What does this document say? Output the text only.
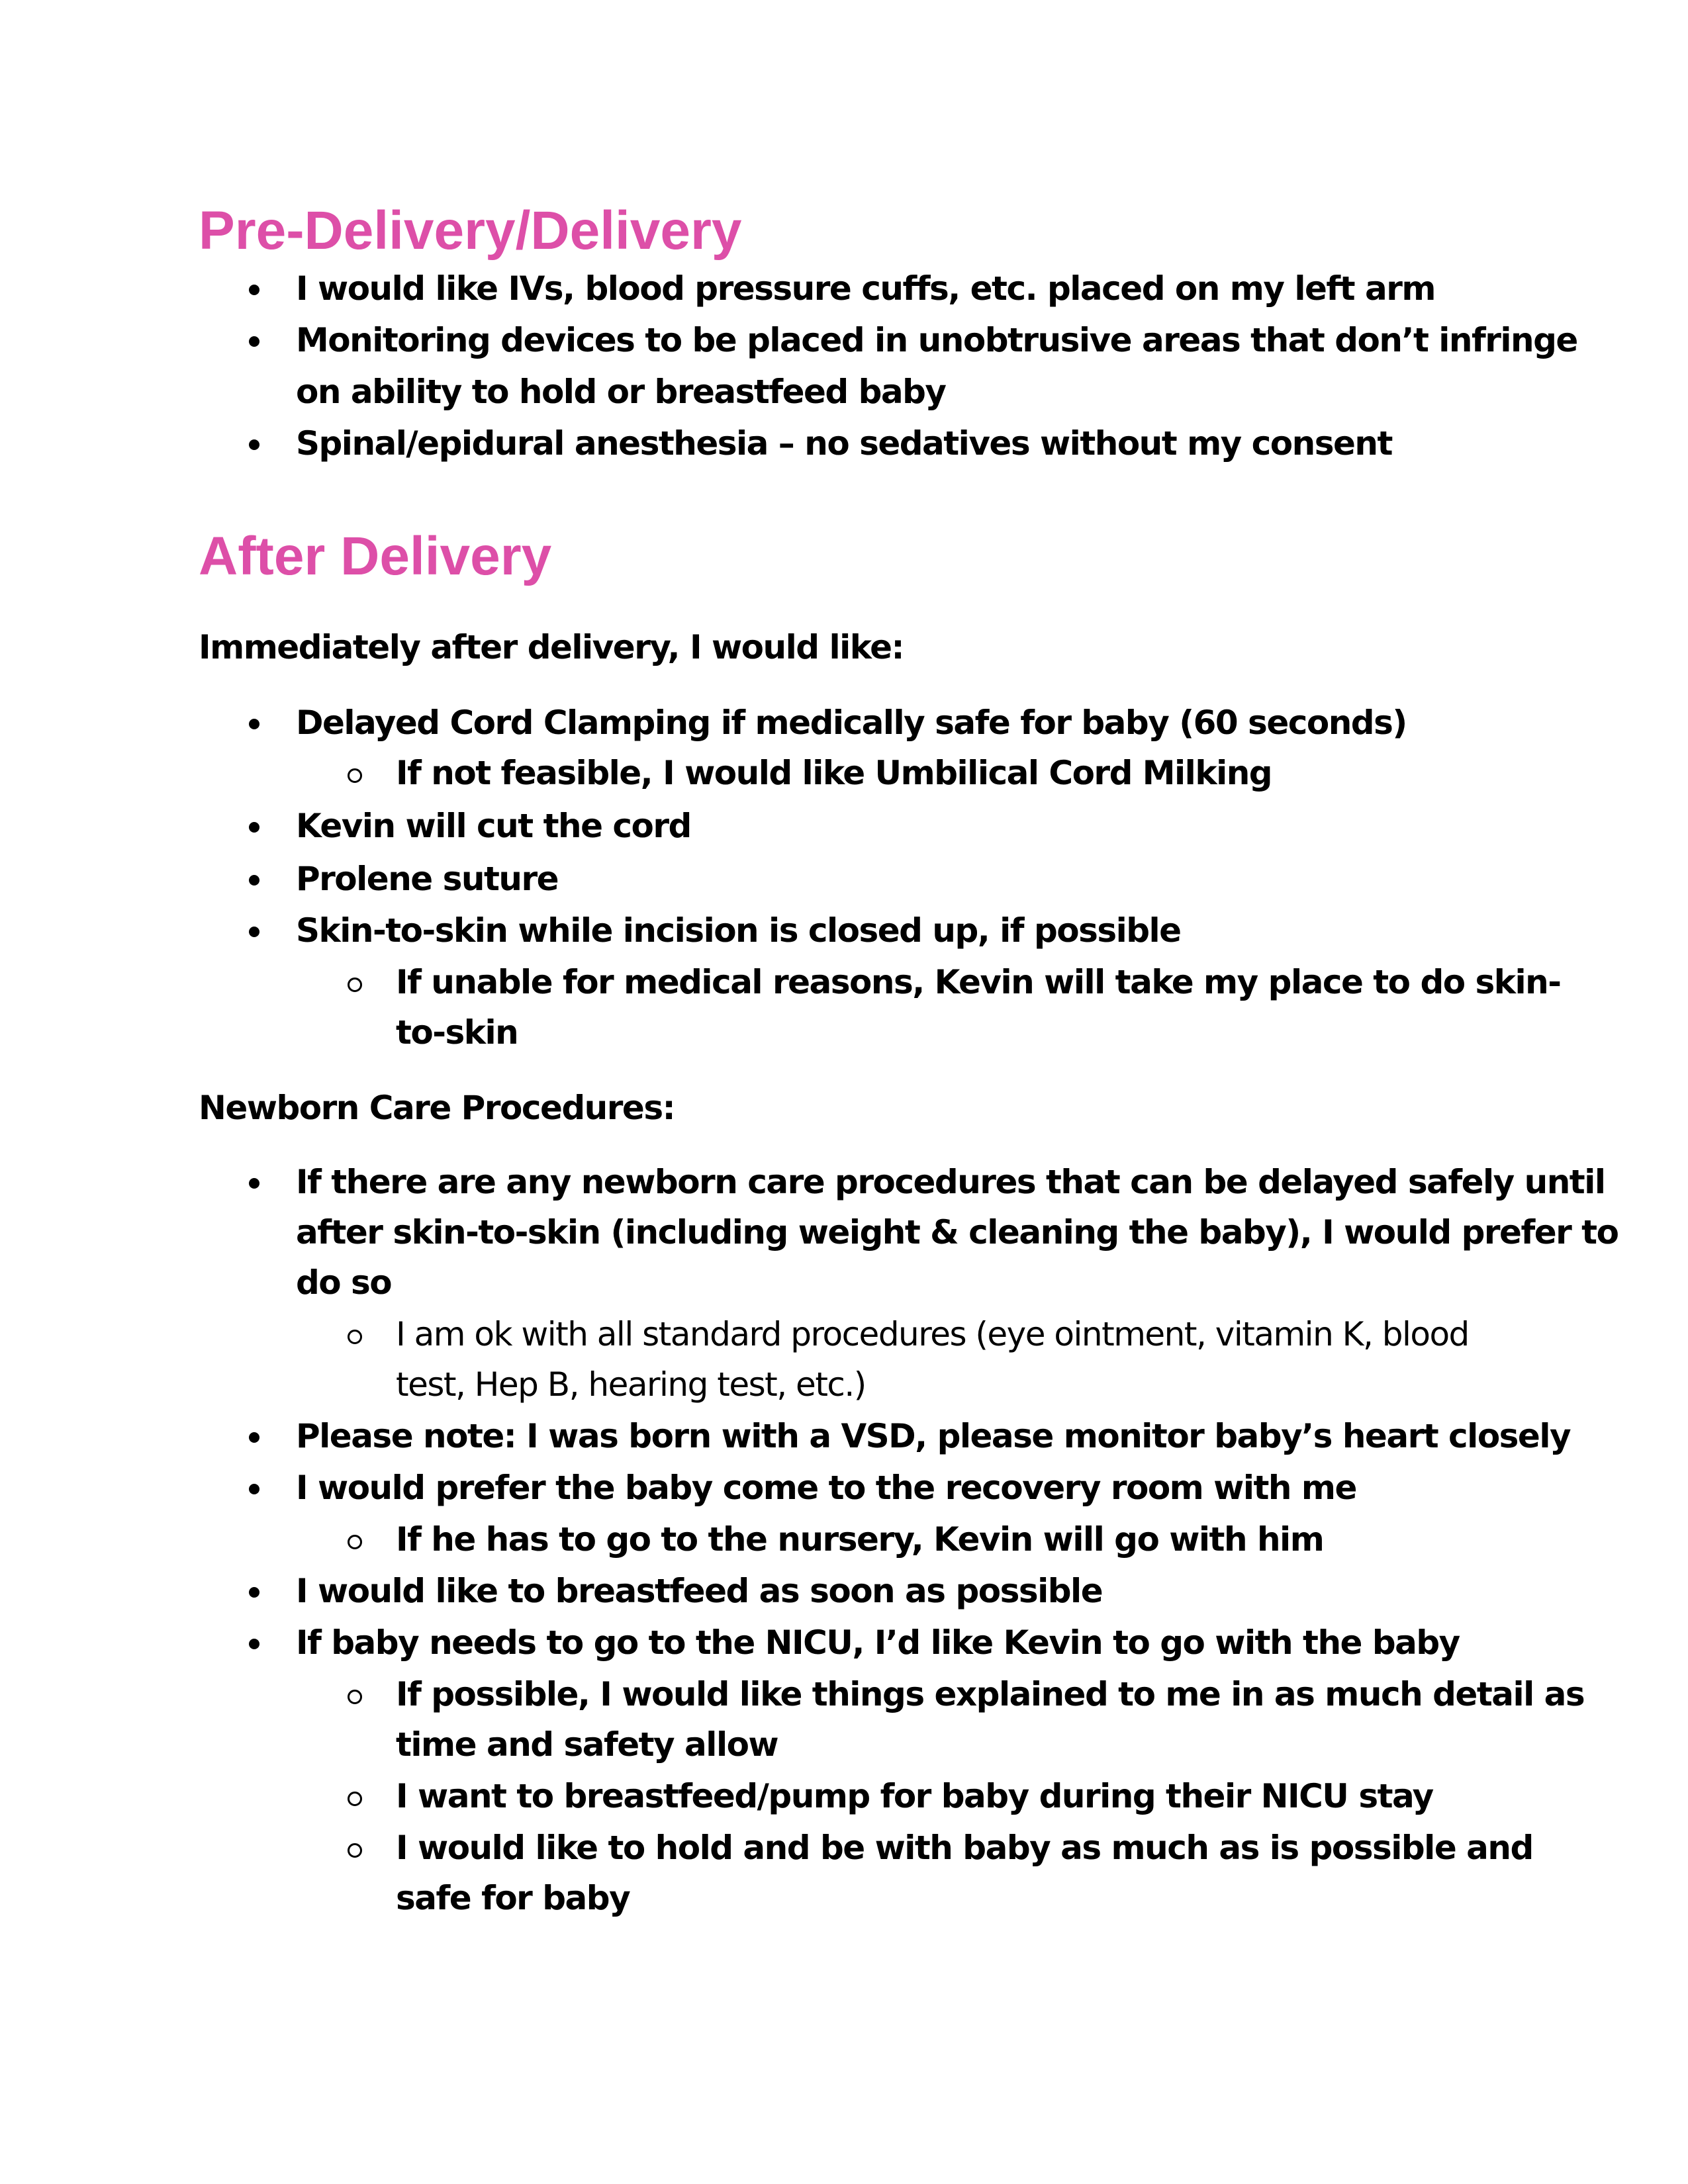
Pre-Delivery/Delivery

I would like IVs, blood pressure cuffs, etc. placed on my left arm

Monitoring devices to be placed in unobtrusive areas that don’t infringe

on ability to hold or breastfeed baby

Spinal/epidural anesthesia – no sedatives without my consent

After Delivery

Immediately after delivery, I would like:

Delayed Cord Clamping if medically safe for baby (60 seconds)

If not feasible, I would like Umbilical Cord Milking

Kevin will cut the cord

Prolene suture

Skin-to-skin while incision is closed up, if possible

If unable for medical reasons, Kevin will take my place to do skin-

to-skin

Newborn Care Procedures:

If there are any newborn care procedures that can be delayed safely until

after skin-to-skin (including weight & cleaning the baby), I would prefer to

do so

I am ok with all standard procedures (eye ointment, vitamin K, blood

test, Hep B, hearing test, etc.)

Please note: I was born with a VSD, please monitor baby’s heart closely

I would prefer the baby come to the recovery room with me

If he has to go to the nursery, Kevin will go with him

I would like to breastfeed as soon as possible

If baby needs to go to the NICU, I’d like Kevin to go with the baby

If possible, I would like things explained to me in as much detail as

time and safety allow

I want to breastfeed/pump for baby during their NICU stay

I would like to hold and be with baby as much as is possible and

safe for baby
